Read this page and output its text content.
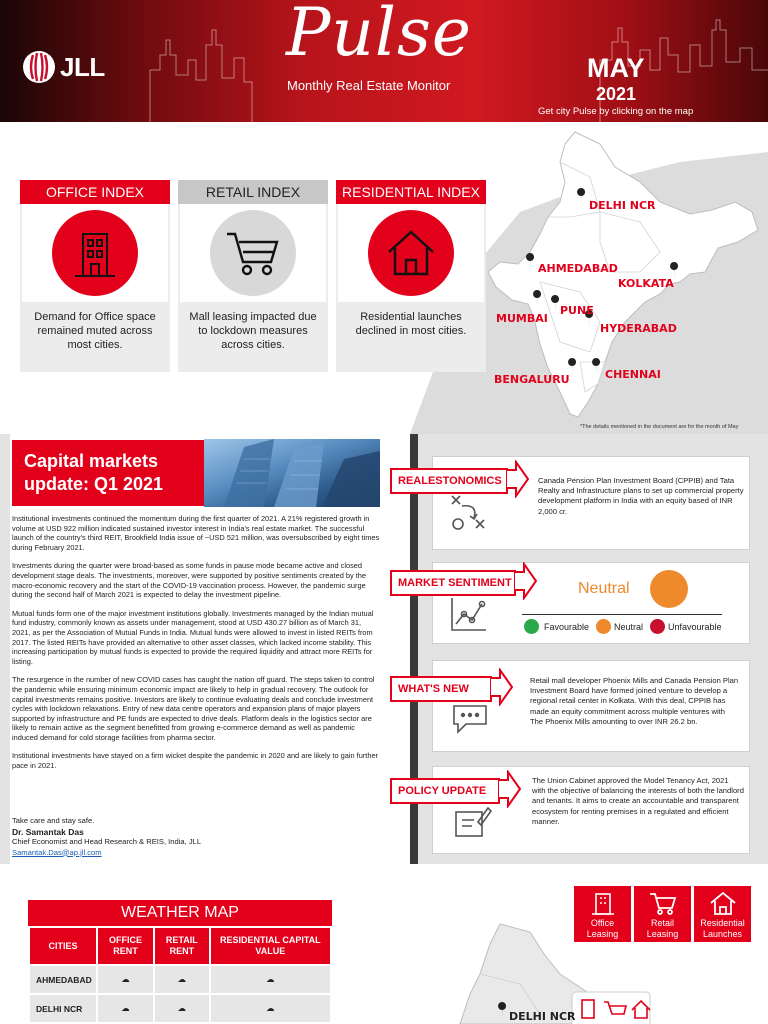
JLL	Pulse
Monthly Real Estate Monitor
MAY
2021
Get city Pulse by clicking on the map
OFFICE INDEX
Demand for Office space remained muted across most cities.
RETAIL INDEX
Mall leasing impacted due to lockdown measures across cities.
RESIDENTIAL INDEX
Residential launches declined in most cities.
DELHI NCR
AHMEDABAD
KOLKATA
MUMBAI
PUNE
HYDERABAD
BENGALURU	CHENNAI
*The details mentioned in the document are for the month of May
Capital markets update: Q1 2021

Institutional investments continued the momentum during the first quarter of 2021. A 21% registered growth in volume at USD 922 million indicated sustained investor interest in India's real estate market. The successful launch of the country's third REIT, Brookfield India issue of ~USD 521 million, was oversubscribed by eight times during February 2021.

Investments during the quarter were broad-based as some funds in pause mode became active and closed development stage deals. The investments, moreover, were supported by positive sentiments created by the macro-economic recovery and the start of the COVID-19 vaccination process. However, the pandemic surge during the second half of March 2021 is expected to delay the investment pipeline.

Mutual funds form one of the major investment institutions globally. Investments managed by the Indian mutual fund industry, commonly known as assets under management, stood at USD 430.27 billion as of March 31, 2021, as per the Association of Mutual Funds in India. Mutual funds were allowed to invest in listed REITs from 2017. The listed REITs have provided an alternative to other asset classes, which lacked income stability. This increasing participation by mutual funds is expected to provide the required liquidity and attract more REITs for listing.

The resurgence in the number of new COVID cases has caught the nation off guard. The steps taken to control the pandemic while ensuring minimum economic impact are likely to help in gradual recovery. The outlook for capital investments remains positive. Investors are likely to continue evaluating deals and conclude investment cycles with lockdown relaxations. Entry of new data centre operators and expansion plans of major players supported by infrastructure and PE funds are expected to drive deals. Platform deals in the logistics sector are likely to remain active as the segment benefitted from growing e-commerce demand as well as pandemic induced demand for cold storage facilities from pharma sector.

Institutional investments have stayed on a firm wicket despite the pandemic in 2020 and are likely to gain further pace in 2021.

Take care and stay safe.
Dr. Samantak Das
Chief Economist and Head Research & REIS, India, JLL
Samantak.Das@ap.jll.com
REALESTONOMICS	Canada Pension Plan Investment Board (CPPIB) and Tata Realty and Infrastructure plans to set up commercial property development platform in India with an equity based of INR 2,000 cr.
MARKET SENTIMENT	Neutral
Favourable	Neutral	Unfavourable
WHAT'S NEW
Retail mall developer Phoenix Mills and Canada Pension Plan Investment Board have formed joined venture to develop a regional retail center in Kolkata. With this deal, CPPIB has made an equity commitment across multiple ventures with The Phoenix Mills amounting to over INR 26.2 bn.
POLICY UPDATE
The Union Cabinet approved the Model Tenancy Act, 2021 with the objective of balancing the interests of both the landlord and tenants. It aims to create an accountable and transparent ecosystem for renting premises in a regulated and efficient manner.
WEATHER MAP
CITIES	OFFICE RENT	RETAIL RENT	RESIDENTIAL CAPITAL VALUE
AHMEDABAD	☁	☁	☁
DELHI NCR	☁	☁	☁

DELHI NCR
Office Leasing
Retail Leasing
Residential Launches
